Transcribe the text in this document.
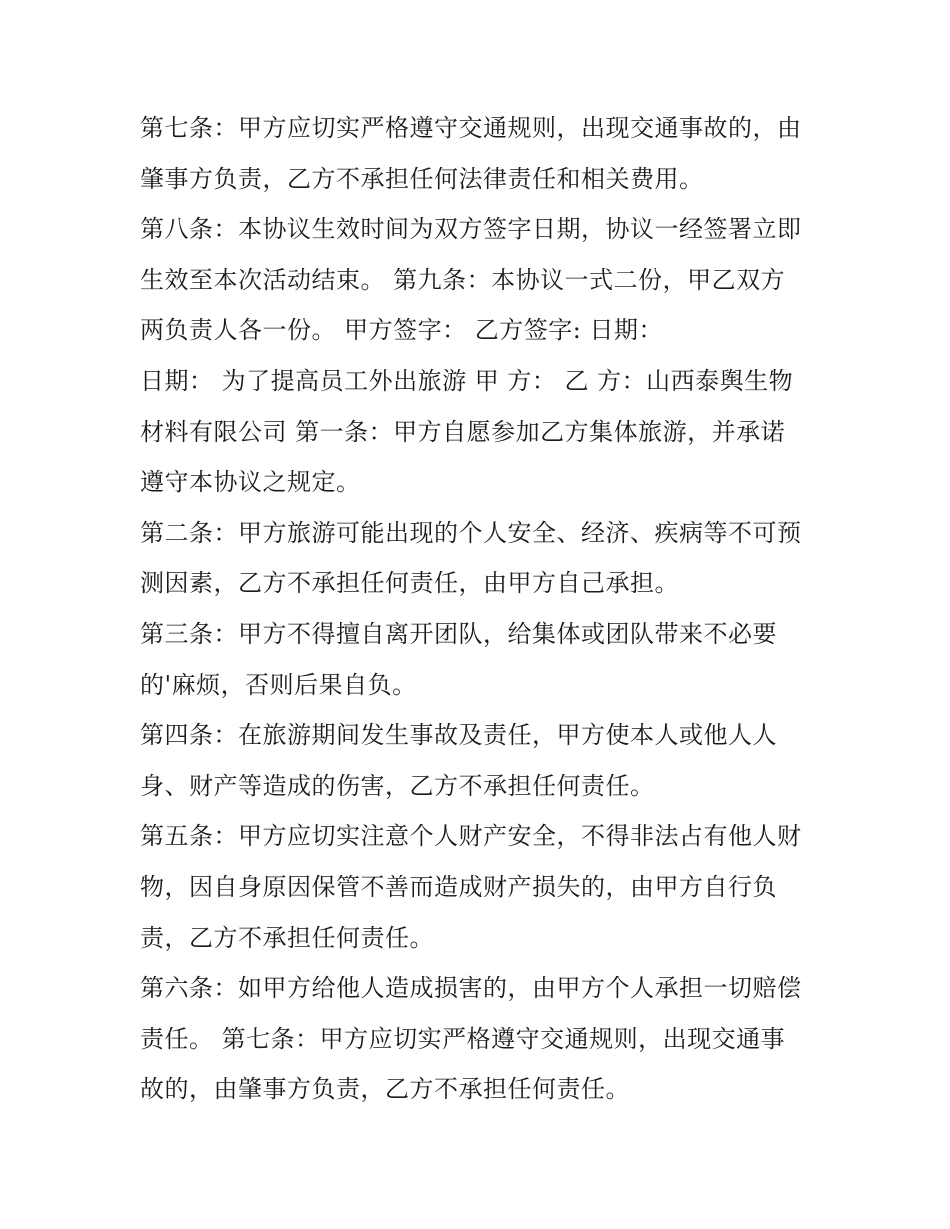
第七条：甲方应切实严格遵守交通规则，出现交通事故的，由
肇事方负责，乙方不承担任何法律责任和相关费用。
第八条：本协议生效时间为双方签字日期，协议一经签署立即
生效至本次活动结束。 第九条：本协议一式二份，甲乙双方
两负责人各一份。 甲方签字： 乙方签字: 日期：
日期： 为了提高员工外出旅游 甲 方： 乙 方：山西泰舆生物
材料有限公司 第一条：甲方自愿参加乙方集体旅游，并承诺
遵守本协议之规定。
第二条：甲方旅游可能出现的个人安全、经济、疾病等不可预
测因素，乙方不承担任何责任，由甲方自己承担。
第三条：甲方不得擅自离开团队，给集体或团队带来不必要
的'麻烦，否则后果自负。
第四条：在旅游期间发生事故及责任，甲方使本人或他人人
身、财产等造成的伤害，乙方不承担任何责任。
第五条：甲方应切实注意个人财产安全，不得非法占有他人财
物，因自身原因保管不善而造成财产损失的，由甲方自行负
责，乙方不承担任何责任。
第六条：如甲方给他人造成损害的，由甲方个人承担一切赔偿
责任。 第七条：甲方应切实严格遵守交通规则，出现交通事
故的，由肇事方负责，乙方不承担任何责任。
